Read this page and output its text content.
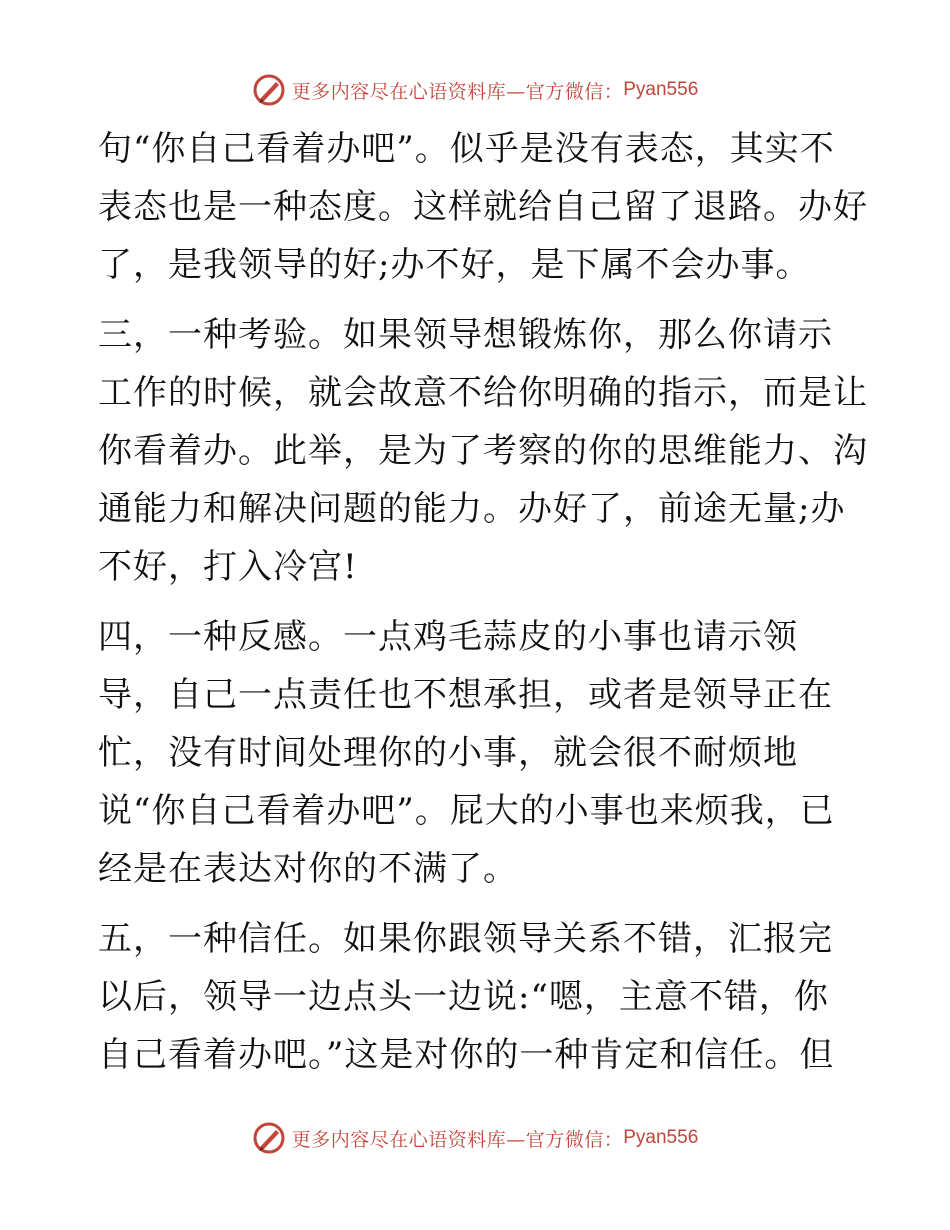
更多内容尽在心语资料库—官方微信： Pyan556
句“你自己看着办吧”。似乎是没有表态，其实不
表态也是一种态度。这样就给自己留了退路。办好
了，是我领导的好;办不好，是下属不会办事。
三，一种考验。如果领导想锻炼你，那么你请示
工作的时候，就会故意不给你明确的指示，而是让
你看着办。此举，是为了考察的你的思维能力、沟
通能力和解决问题的能力。办好了，前途无量;办
不好，打入冷宫!
四，一种反感。一点鸡毛蒜皮的小事也请示领
导，自己一点责任也不想承担，或者是领导正在
忙，没有时间处理你的小事，就会很不耐烦地
说“你自己看着办吧”。屁大的小事也来烦我，已
经是在表达对你的不满了。
五，一种信任。如果你跟领导关系不错，汇报完
以后，领导一边点头一边说:“嗯，主意不错，你
自己看着办吧。”这是对你的一种肯定和信任。但
更多内容尽在心语资料库—官方微信： Pyan556
